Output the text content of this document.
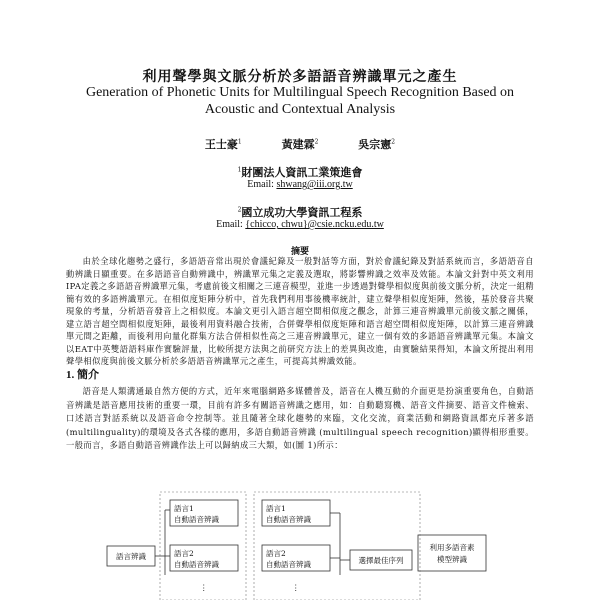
利用聲學與文脈分析於多語語音辨識單元之產生
Generation of Phonetic Units for Multilingual Speech Recognition Based on
Acoustic and Contextual Analysis
王士豪$^1$	黃建霖$^2$	吳宗憲$^2$
$^1$財團法人資訊工業策進會
Email: shwang@iii.org.tw
$^2$國立成功大學資訊工程系
Email: {chicco, chwu}@csie.ncku.edu.tw
摘要

由於全球化趨勢之盛行，多語語音常出現於會議紀錄及一般對話等方面，對於會議紀錄及對話系統而言，多語語音自動辨識日顯重要。在多語語音自動辨識中，辨識單元集之定義及選取，將影響辨識之效率及效能。本論文針對中英文利用IPA定義之多語語音辨識單元集，考慮前後文相關之三連音模型，並進一步透過對聲學相似度與前後文脈分析，決定一組精簡有效的多語辨識單元。在相似度矩陣分析中，首先我們利用事後機率統計，建立聲學相似度矩陣，然後，基於發音共聚現象的考量，分析語音發音上之相似度。本論文更引入語言超空間相似度之觀念，計算三連音辨識單元前後文脈之關係，建立語言超空間相似度矩陣，最後利用資料融合技術，合併聲學相似度矩陣和語言超空間相似度矩陣，以計算三連音辨識單元間之距離，而後利用向量化群集方法合併相似性高之三連音辨識單元，建立一個有效的多語語音辨識單元集。本論文以EAT中英雙語語料庫作實驗評量，比較所提方法與之前研究方法上的差異與改進，由實驗結果得知，本論文所提出利用聲學相似度與前後文脈分析於多語語音辨識單元之產生，可提高其辨識效能。

1. 簡介

語音是人類溝通最自然方便的方式，近年來電腦網路多媒體普及，語音在人機互動的介面更是扮演重要角色，自動語音辨識是語音應用技術的重要一環，目前有許多有關語音辨識之應用，如：自動聽寫機、語音文件摘要、語音文件檢索、口述語言對話系統以及語音命令控制等。並且隨著全球化趨勢的來臨，文化交流，商業活動和網路資訊都充斥著多語(multilinguality)的環境及各式各樣的應用，多語自動語音辨識 (multilingual speech recognition)顯得相形重要。一般而言，多語自動語音辨識作法上可以歸納成三大類，如(圖 1)所示：

語言辨識
語言1
自動語音辨識
語言2
自動語音辨識
⋮
語言1
自動語音辨識
語言2
自動語音辨識
⋮
選擇最佳序列
利用多語音素
模型辨識
